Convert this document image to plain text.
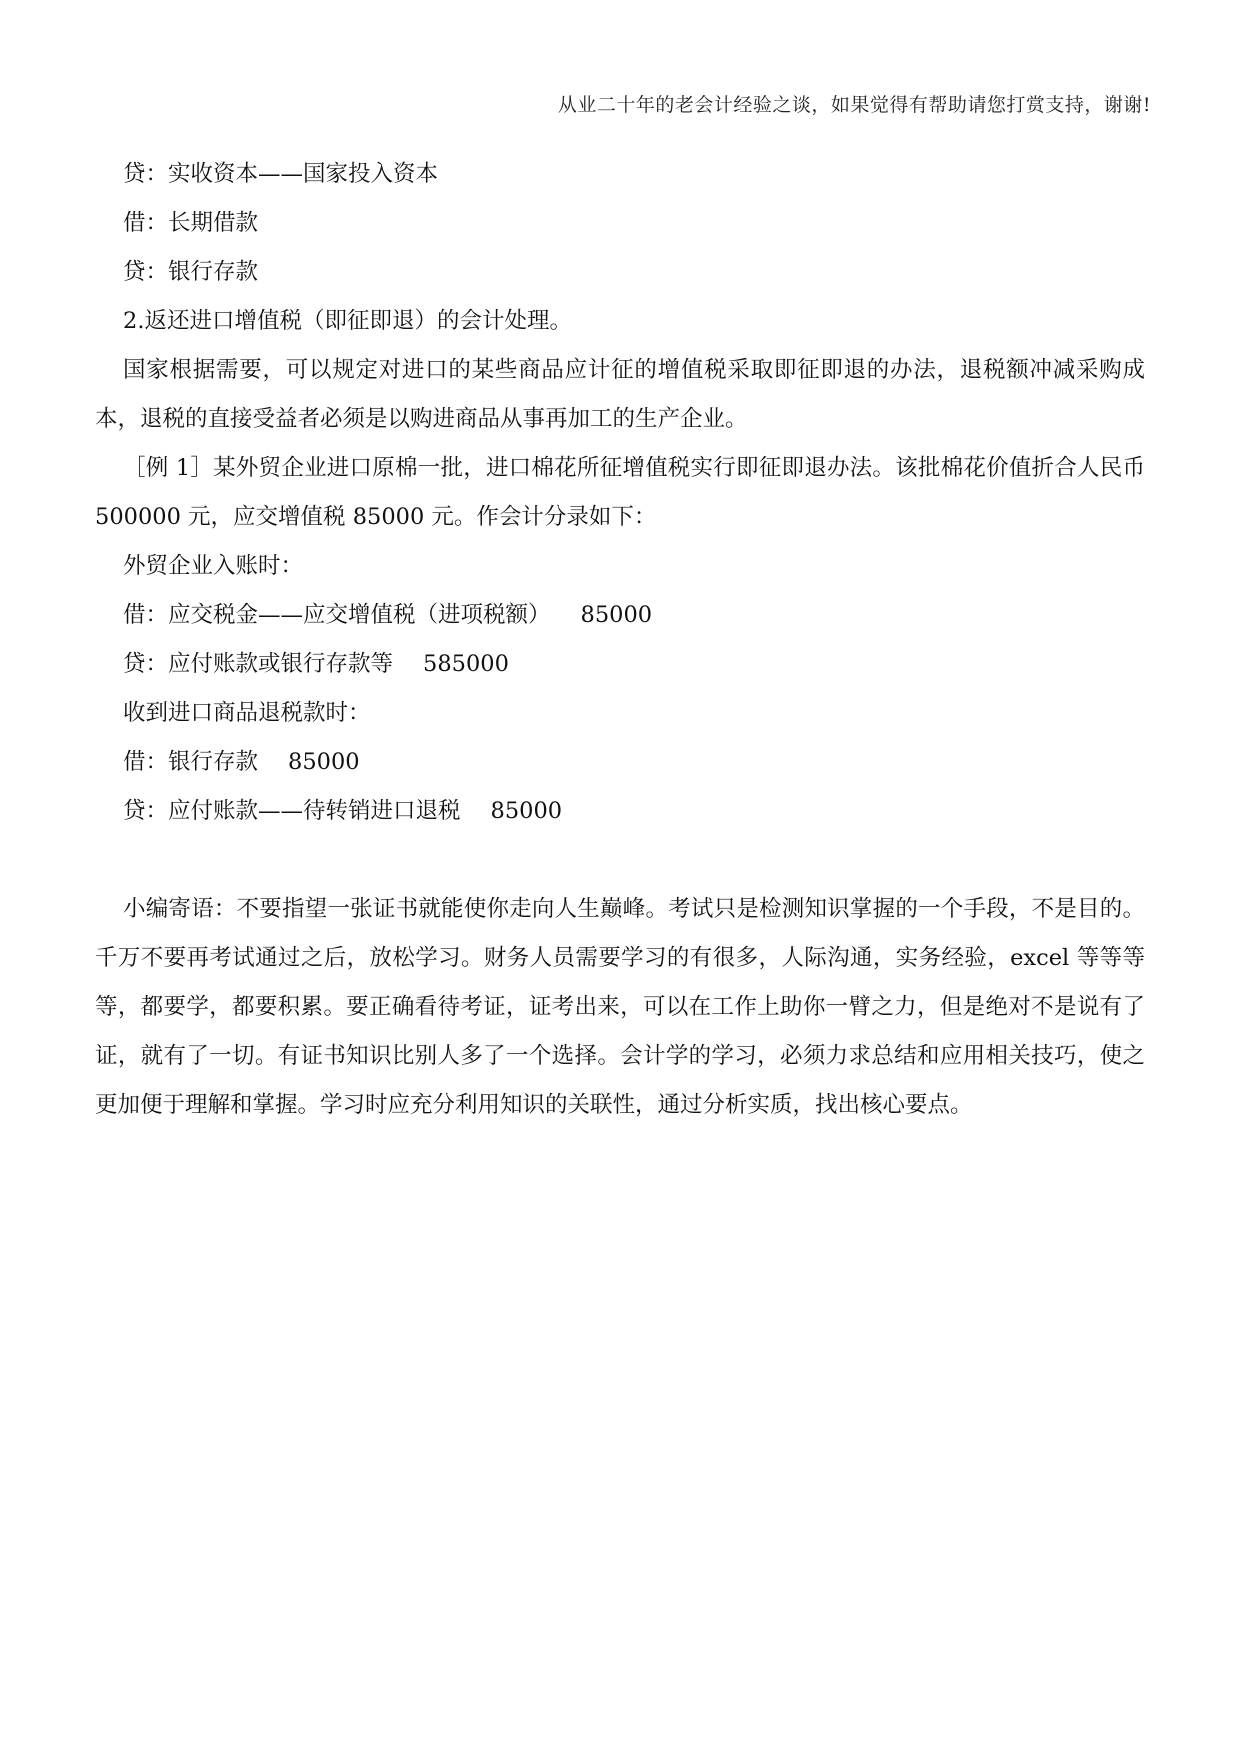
从业二十年的老会计经验之谈，如果觉得有帮助请您打赏支持，谢谢!

贷：实收资本——国家投入资本

借：长期借款

贷：银行存款

2.返还进口增值税（即征即退）的会计处理。

国家根据需要，可以规定对进口的某些商品应计征的增值税采取即征即退的办法，退税额冲减采购成本，退税的直接受益者必须是以购进商品从事再加工的生产企业。

［例 1］某外贸企业进口原棉一批，进口棉花所征增值税实行即征即退办法。该批棉花价值折合人民币 500000 元，应交增值税 85000 元。作会计分录如下：

外贸企业入账时：

借：应交税金——应交增值税（进项税额） 85000

贷：应付账款或银行存款等 585000

收到进口商品退税款时：

借：银行存款 85000

贷：应付账款——待转销进口退税 85000

小编寄语：不要指望一张证书就能使你走向人生巅峰。考试只是检测知识掌握的一个手段，不是目的。千万不要再考试通过之后，放松学习。财务人员需要学习的有很多，人际沟通，实务经验，excel 等等等等，都要学，都要积累。要正确看待考证，证考出来，可以在工作上助你一臂之力，但是绝对不是说有了证，就有了一切。有证书知识比别人多了一个选择。会计学的学习，必须力求总结和应用相关技巧，使之更加便于理解和掌握。学习时应充分利用知识的关联性，通过分析实质，找出核心要点。
